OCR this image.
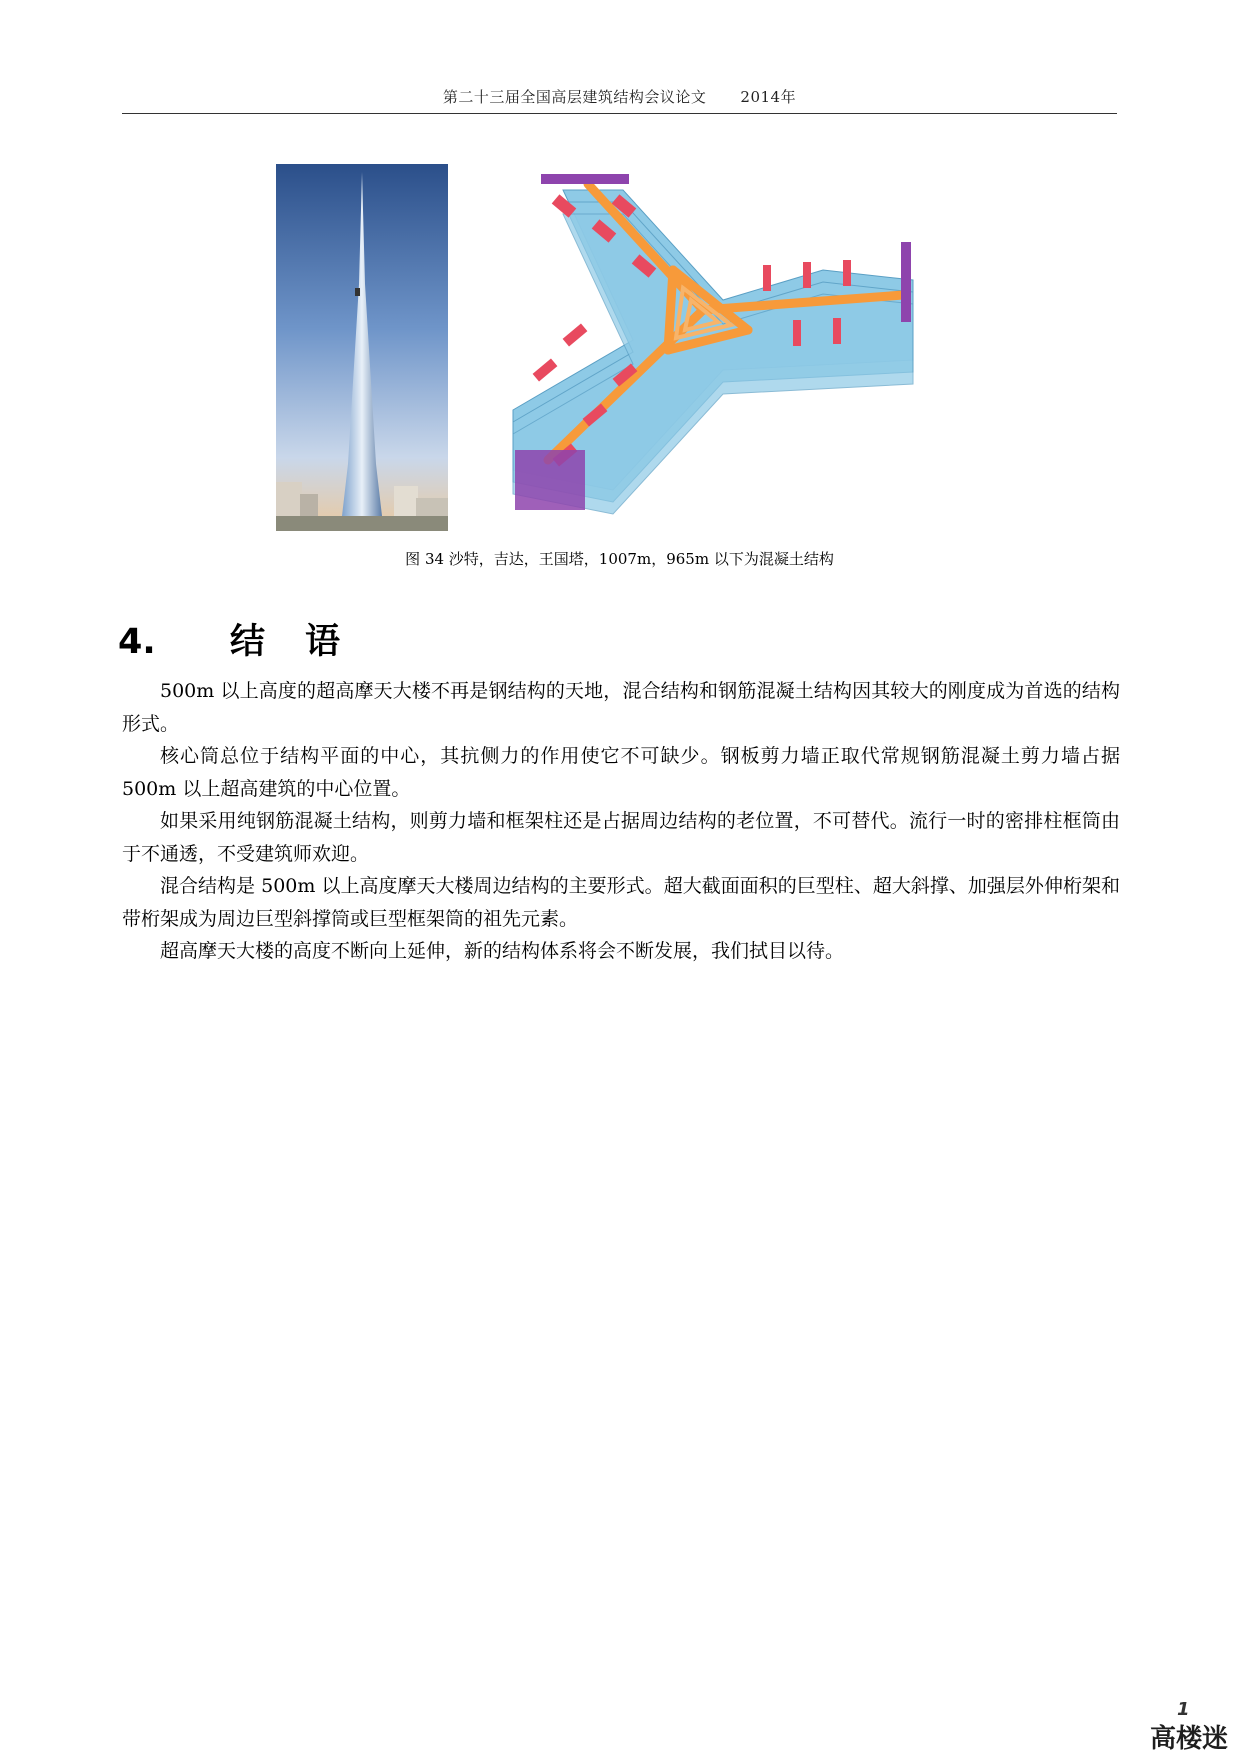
第二十三届全国高层建筑结构会议论文 2014年
图 34 沙特，吉达，王国塔，1007m，965m 以下为混凝土结构
4. 结 语

500m 以上高度的超高摩天大楼不再是钢结构的天地，混合结构和钢筋混凝土结构因其较大的刚度成为首选的结构形式。

核心筒总位于结构平面的中心，其抗侧力的作用使它不可缺少。钢板剪力墙正取代常规钢筋混凝土剪力墙占据 500m 以上超高建筑的中心位置。

如果采用纯钢筋混凝土结构，则剪力墙和框架柱还是占据周边结构的老位置，不可替代。流行一时的密排柱框筒由于不通透，不受建筑师欢迎。

混合结构是 500m 以上高度摩天大楼周边结构的主要形式。超大截面面积的巨型柱、超大斜撑、加强层外伸桁架和带桁架成为周边巨型斜撑筒或巨型框架筒的祖先元素。

超高摩天大楼的高度不断向上延伸，新的结构体系将会不断发展，我们拭目以待。

1
高楼迷
